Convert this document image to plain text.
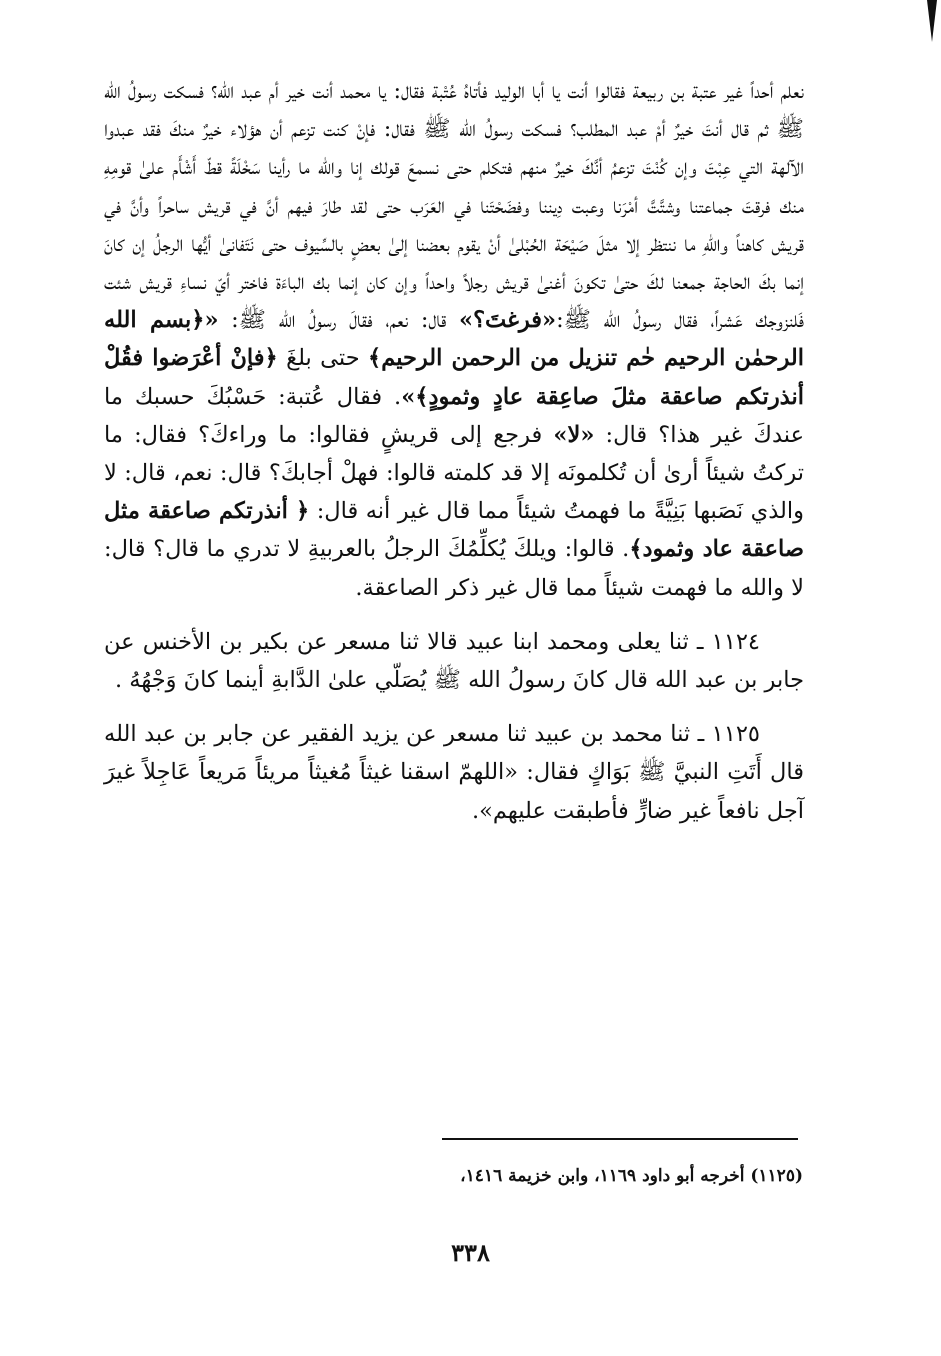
نعلم أحداً غير عتبة بن ربيعة فقالوا أنت يا أبا الوليد فأتاهُ عُتْبة فقال: يا محمد أنت خير أم عبد الله؟ فسكت رسولُ الله ﷺ ثم قال أنتَ خيرٌ أمْ عبد المطلب؟ فسكت رسولُ الله ﷺ فقال: فإنْ كنت تزعم أن هؤلاء خيرٌ منكَ فقد عبدوا الآلهة التي عِبْتَ وإن كُنْتَ تزعمُ أنَّكَ خيرٌ منهم فتكلم حتى نسمعَ قولك إنا والله ما رأينا سَخْلَةً قطّ أَشْأَم علىٰ قومِهِ منك فرقتَ جماعتنا وشتَّتَّ أمْرَنا وعبت دِيننا وفضَحْتَنا في العَرَب حتى لقد طارَ فيهم أنَّ في قريش ساحراً وأنَّ في قريش كاهناً واللهِ ما ننتظر إلا مثلَ صَيْحَة الحُبْلىٰ أنْ يقوم بعضنا إلىٰ بعضٍ بالسِّيوف حتى نَتَفانىٰ أيُّها الرجلُ إن كانَ إنما بكَ الحاجة جمعنا لكَ حتىٰ تكونَ أغنىٰ قريش رجلاً واحداً وإن كان إنما بك الباءَة فاختر أيّ نساءِ قريش شئت فَلنزوجك عَشراً، فقال رسولُ الله ﷺ:«فرغتَ؟» قال: نعم، فقالَ رسولُ الله ﷺ: «﴿بسم الله الرحمٰن الرحيم حٰم تنزيل من الرحمن الرحيم﴾ حتى بلغَ ﴿فإنْ أعْرَضوا فقُلْ أنذرتكم صاعقة مثلَ صاعِقة عادٍ وثمودٍ﴾». فقال عُتبة: حَسْبُكَ حسبك ما عندكَ غير هذا؟ قال: «لا» فرجع إلى قريشٍ فقالوا: ما وراءكَ؟ فقال: ما تركتُ شيئاً أرىٰ أن تُكلمونَه إلا قد كلمته قالوا: فهلْ أجابكَ؟ قال: نعم، قال: لا والذي نَصَبها بَنِيَّةً ما فهمتُ شيئاً مما قال غير أنه قال: ﴿ أنذرتكم صاعقة مثل صاعقة عاد وثمود﴾. قالوا: ويلكَ يُكلِّمُكَ الرجلُ بالعربيةِ لا تدري ما قال؟ قال: لا والله ما فهمت شيئاً مما قال غير ذكر الصاعقة.

١١٢٤ ـ ثنا يعلى ومحمد ابنا عبيد قالا ثنا مسعر عن بكير بن الأخنس عن جابر بن عبد الله قال كانَ رسولُ الله ﷺ يُصَلّي علىٰ الدَّابةِ أينما كانَ وَجْهُهُ .

١١٢٥ ـ ثنا محمد بن عبيد ثنا مسعر عن يزيد الفقير عن جابر بن عبد الله قال أَتَتِ النبيَّ ﷺ بَوَاكٍ فقال: «اللهمّ اسقنا غيثاً مُغيثاً مريئاً مَريعاً عَاجِلاً غيرَ آجل نافعاً غير ضارٍّ فأطبقت عليهم».

(١١٢٥) أخرجه أبو داود ١١٦٩، وابن خزيمة ١٤١٦،
٣٣٨
